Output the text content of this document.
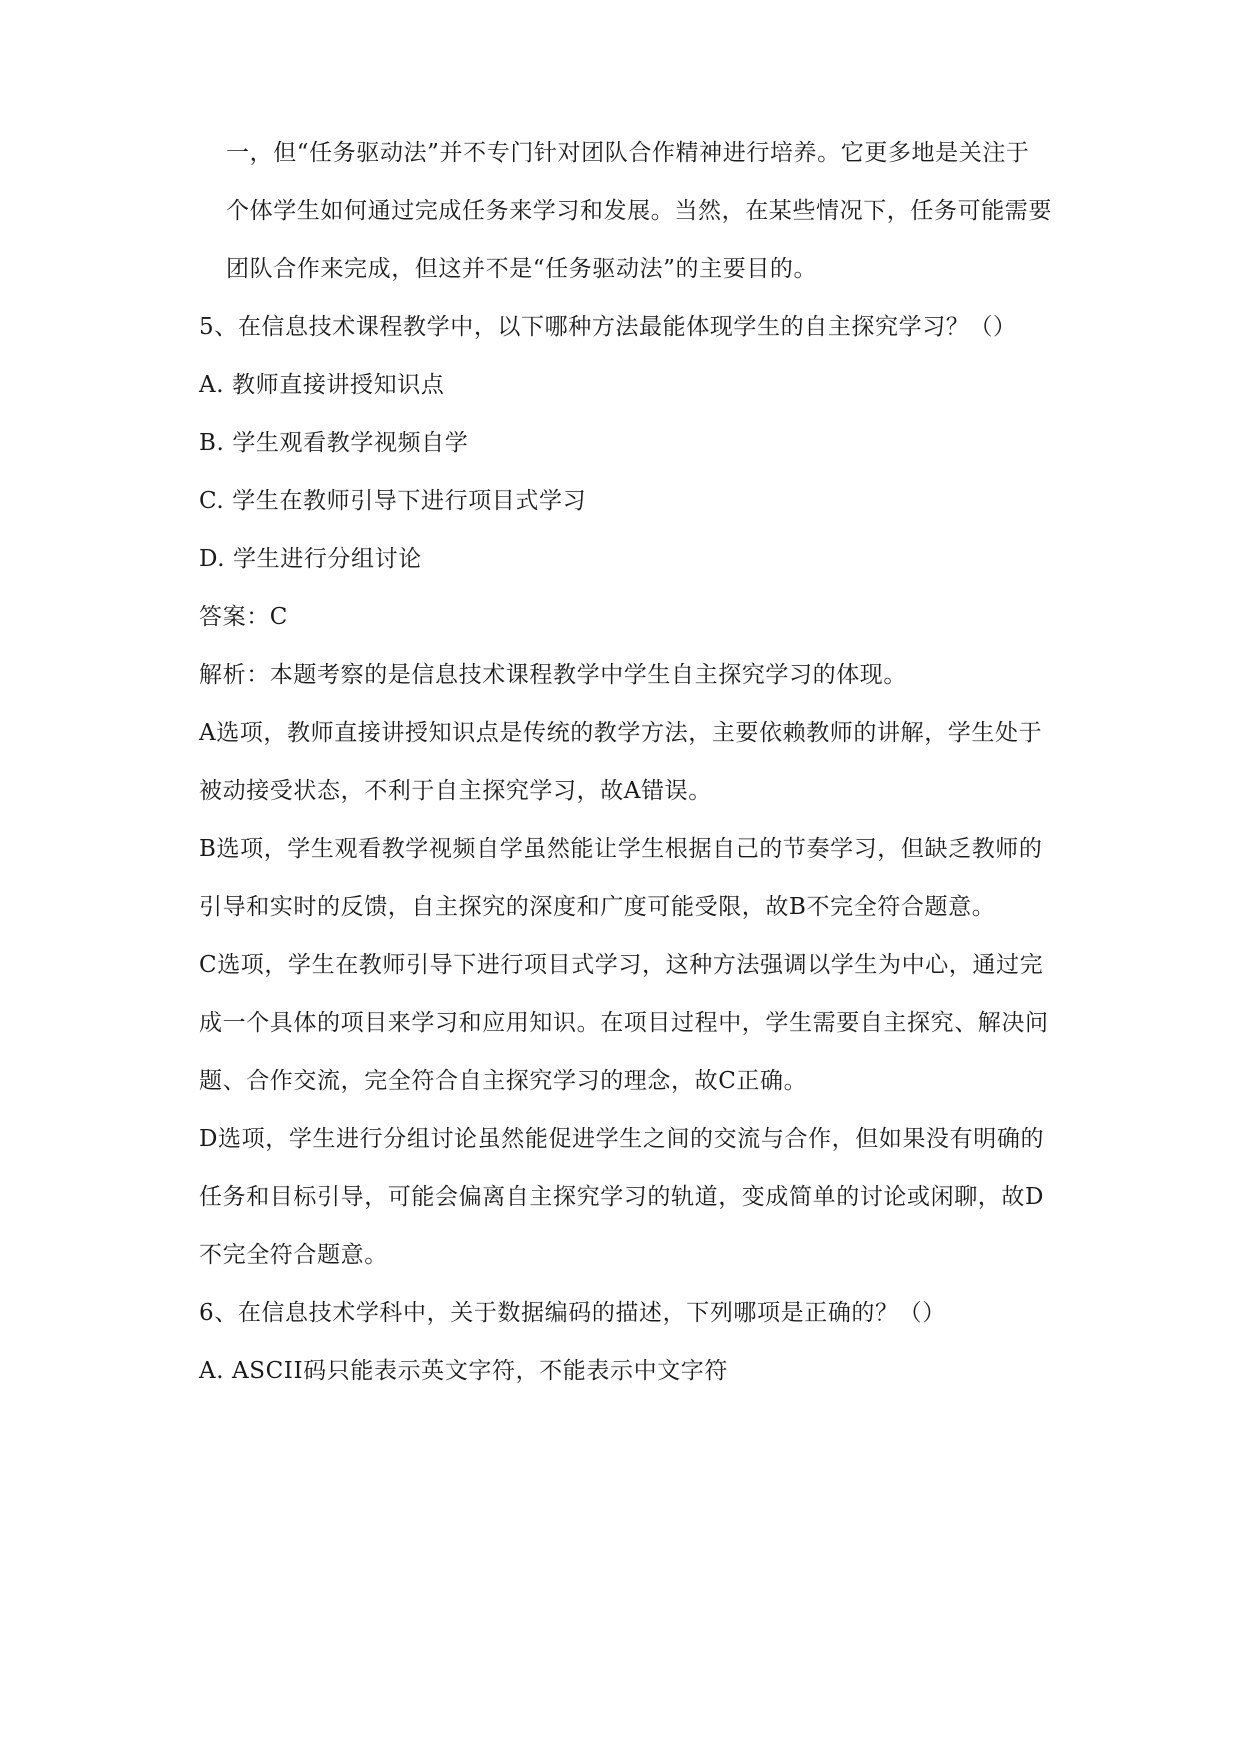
一，但“任务驱动法”并不专门针对团队合作精神进行培养。它更多地是关注于

个体学生如何通过完成任务来学习和发展。当然，在某些情况下，任务可能需要

团队合作来完成，但这并不是“任务驱动法”的主要目的。

5、在信息技术课程教学中，以下哪种方法最能体现学生的自主探究学习？（）

A. 教师直接讲授知识点

B. 学生观看教学视频自学

C. 学生在教师引导下进行项目式学习

D. 学生进行分组讨论

答案：C

解析：本题考察的是信息技术课程教学中学生自主探究学习的体现。

A选项，教师直接讲授知识点是传统的教学方法，主要依赖教师的讲解，学生处于

被动接受状态，不利于自主探究学习，故A错误。

B选项，学生观看教学视频自学虽然能让学生根据自己的节奏学习，但缺乏教师的

引导和实时的反馈，自主探究的深度和广度可能受限，故B不完全符合题意。

C选项，学生在教师引导下进行项目式学习，这种方法强调以学生为中心，通过完

成一个具体的项目来学习和应用知识。在项目过程中，学生需要自主探究、解决问

题、合作交流，完全符合自主探究学习的理念，故C正确。

D选项，学生进行分组讨论虽然能促进学生之间的交流与合作，但如果没有明确的

任务和目标引导，可能会偏离自主探究学习的轨道，变成简单的讨论或闲聊，故D

不完全符合题意。

6、在信息技术学科中，关于数据编码的描述，下列哪项是正确的？（）

A. ASCII码只能表示英文字符，不能表示中文字符
